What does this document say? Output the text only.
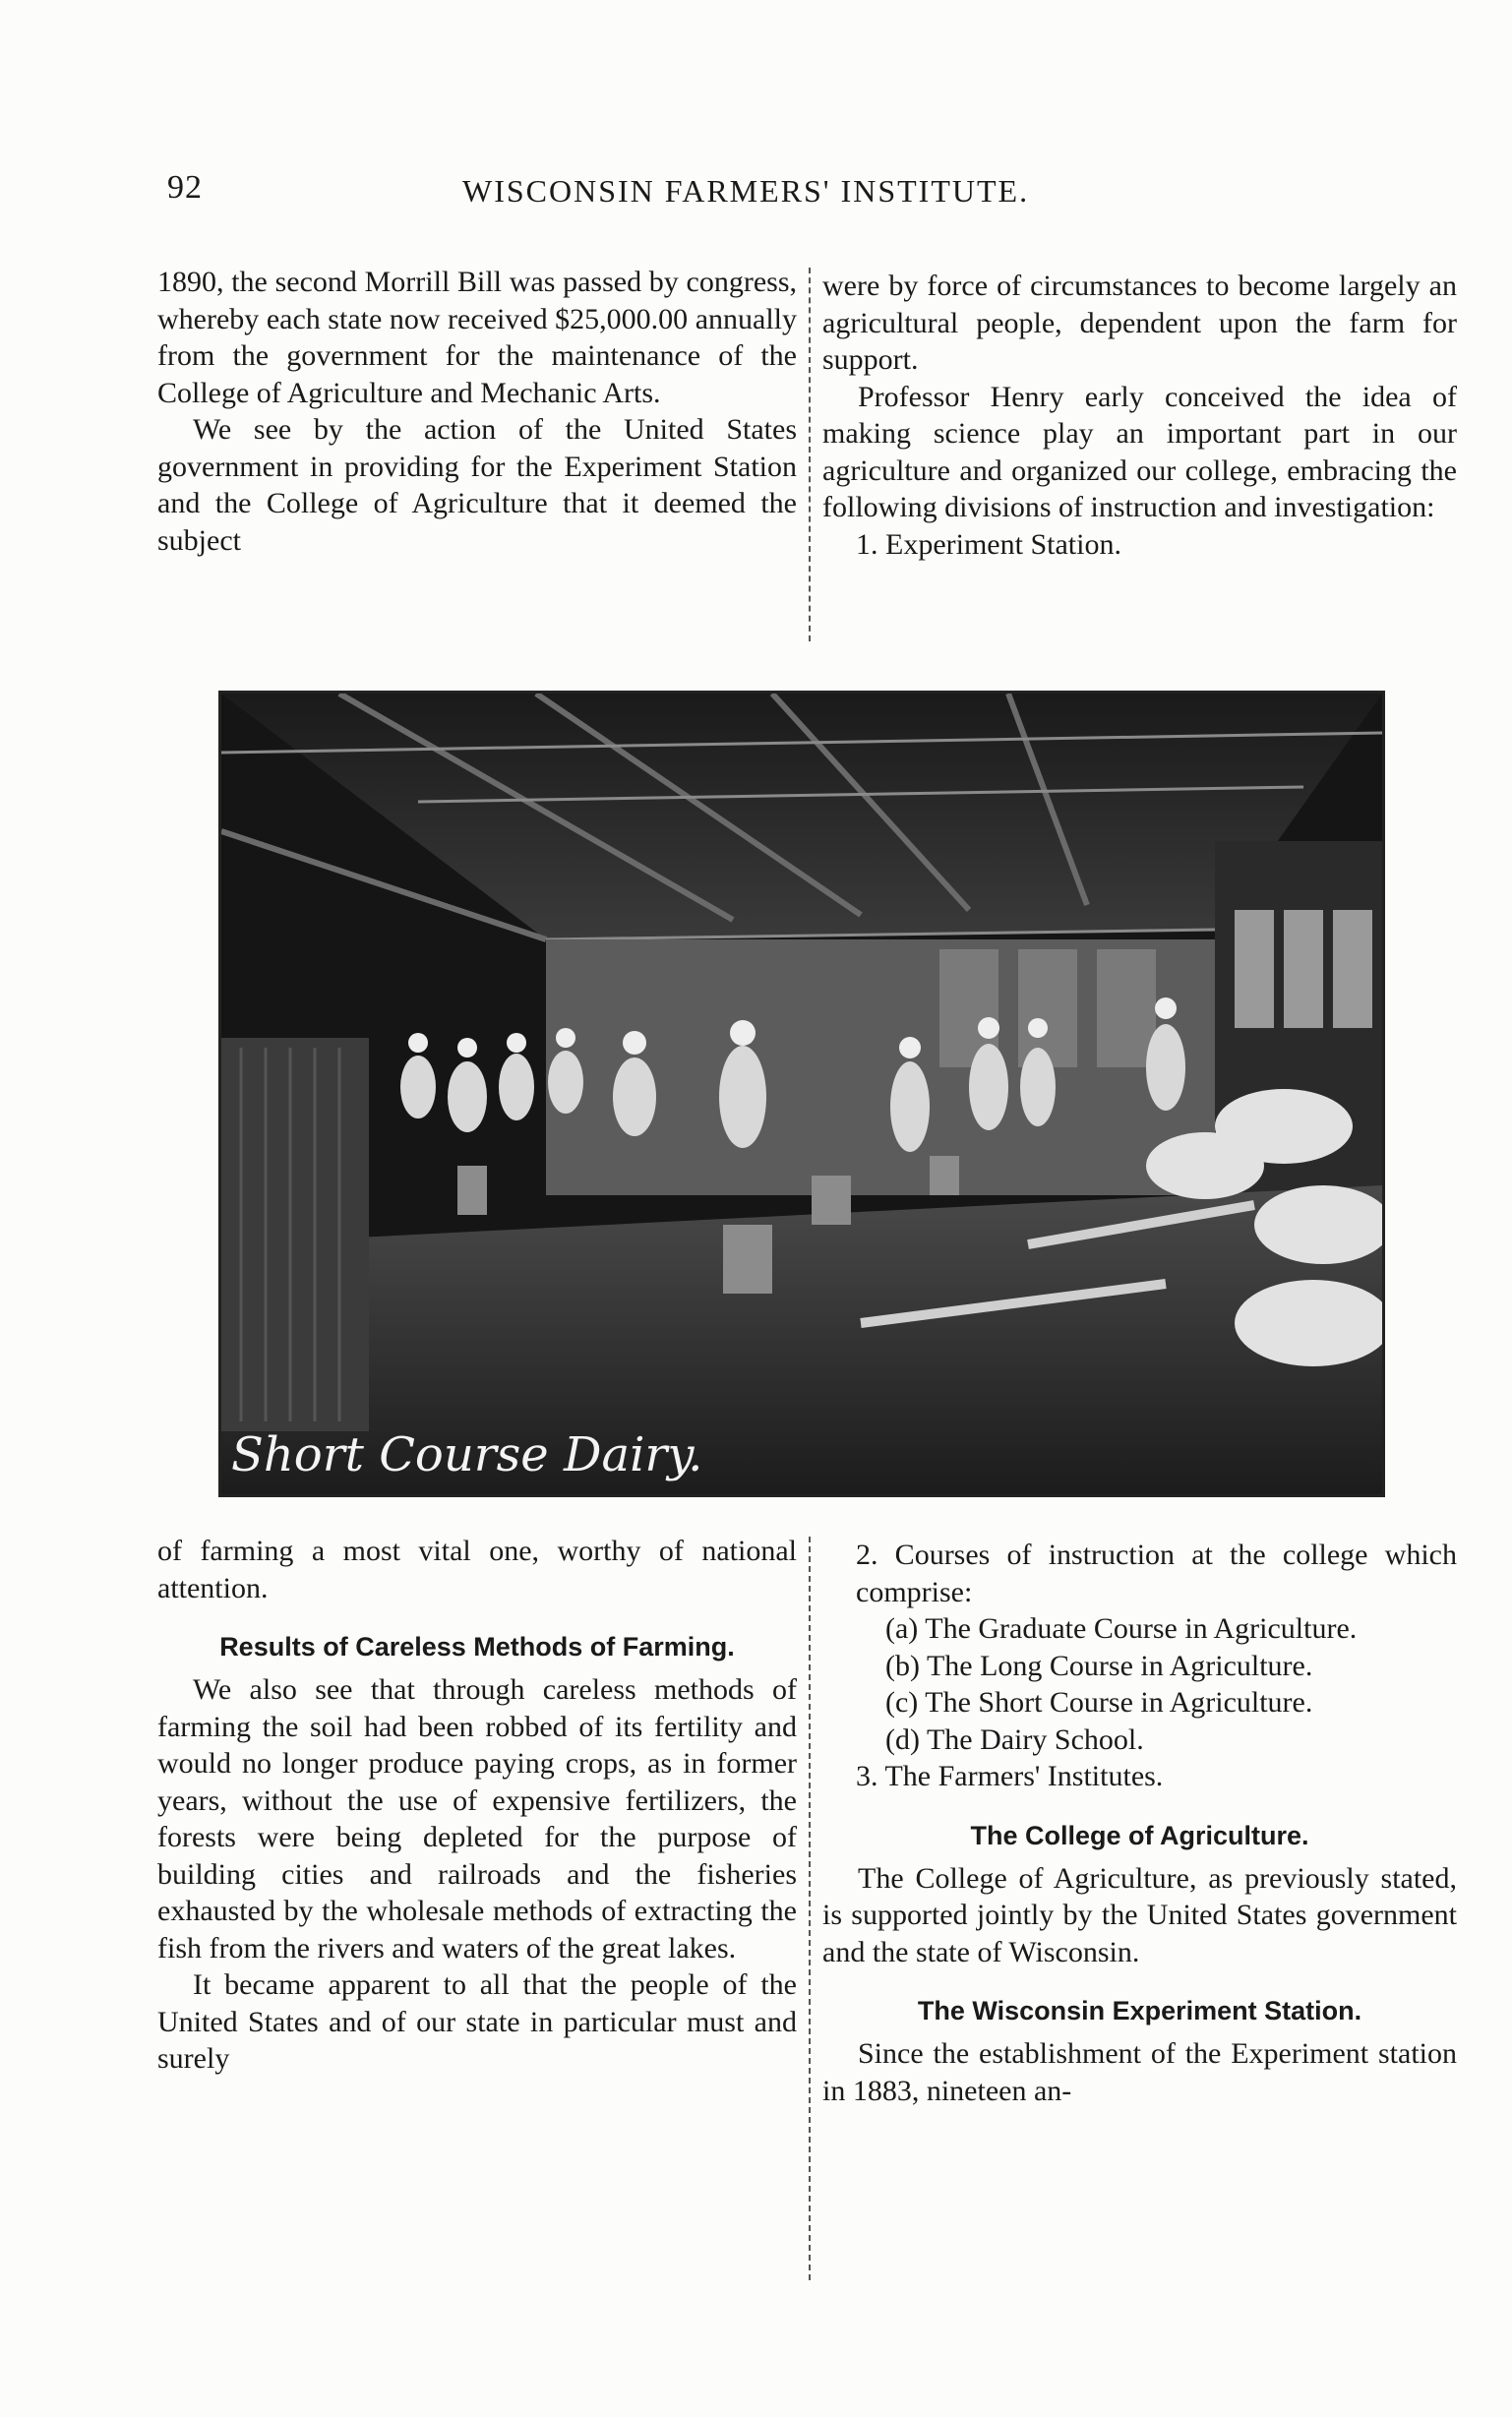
92	WISCONSIN FARMERS' INSTITUTE.

1890, the second Morrill Bill was passed by congress, whereby each state now received $25,000.00 annually from the government for the maintenance of the College of Agriculture and Mechanic Arts.

We see by the action of the United States government in providing for the Experiment Station and the College of Agriculture that it deemed the subject

were by force of circumstances to become largely an agricultural people, dependent upon the farm for support.

Professor Henry early conceived the idea of making science play an important part in our agriculture and organized our college, embracing the following divisions of instruction and investigation:

1. Experiment Station.

Short Course Dairy.

of farming a most vital one, worthy of national attention.

Results of Careless Methods of Farming.

We also see that through careless methods of farming the soil had been robbed of its fertility and would no longer produce paying crops, as in former years, without the use of expensive fertilizers, the forests were being depleted for the purpose of building cities and railroads and the fisheries exhausted by the wholesale methods of extracting the fish from the rivers and waters of the great lakes.

It became apparent to all that the people of the United States and of our state in particular must and surely

2. Courses of instruction at the college which comprise:

(a) The Graduate Course in Agriculture.

(b) The Long Course in Agriculture.

(c) The Short Course in Agriculture.

(d) The Dairy School.

3. The Farmers' Institutes.

The College of Agriculture.

The College of Agriculture, as previously stated, is supported jointly by the United States government and the state of Wisconsin.

The Wisconsin Experiment Station.

Since the establishment of the Experiment station in 1883, nineteen an-
